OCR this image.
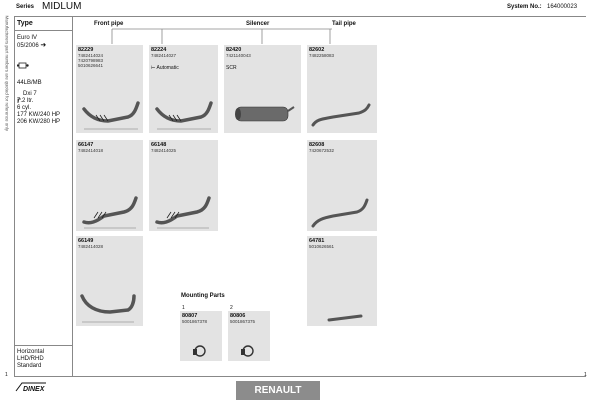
Series MIDLUM	System No.: 164000023
Manufacturers part numbers are quoted for reference only Type
Euro IV
05/2006 ➜
44LB/MB
Dxi 7
7.2 ltr.
6 cyl.
177 KW/240 HP
206 KW/280 HP
Horizontal
LHD/RHD
Standard
Front pipe	Silencer	Tail pipe
82229
7482414024
7420798983
5010626641
82224
7482414027
⊢ Automatic
82420
7421140043
SCR
82602
7482258083
66147
7482414018
66148
7482414025
82608
7420672532
66149
7482414028
64781
5010626561
Mounting Parts
1	2
80807
5001867378
80806
5001867375
1	1
DINEX	RENAULT
